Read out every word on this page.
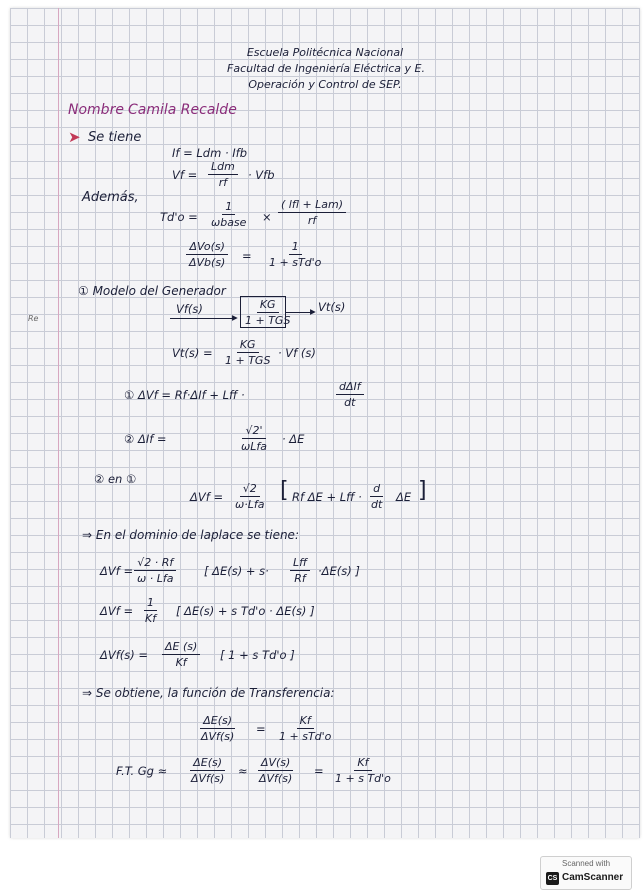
Re
Escuela Politécnica Nacional
Facultad de Ingeniería Eléctrica y E.
Operación y Control de SEP.
Nombre Camila Recalde
➤ Se tiene
If = Ldm · Ifb
Vf =
Ldm
rf
· Vfb
Además,
Td'o =
1
ωbase ×
( lfl + Lam)
rf
ΔVo(s)
ΔVb(s) =
1
1 + sTd'o
① Modelo del Generador
Vf(s)
▸
KG
1 + TGS
▸ Vt(s)
Vt(s) =
KG
1 + TGS
· Vf (s)
① ΔVf = Rf·ΔIf + Lff ·
dΔIf
dt
② ΔIf =
√2'
ωLfa
· ΔE
② en ①
ΔVf =
√2
ω·Lfa
[ Rf ΔE + Lff · $\frac{d}{dt}$ ΔE ]
⇒ En el dominio de laplace se tiene:
ΔVf =
√2 · Rf
ω · Lfa
[ ΔE(s) + s·
Lff
Rf
·ΔE(s) ]
$\Delta Vf = \frac{1}{Kf}$ [ ΔE(s) + s Td'o · ΔE(s) ]
$\Delta Vf(s) = \frac{\Delta E (s)}{Kf}$ [ 1 + s Td'o ]
⇒ Se obtiene, la función de Transferencia:
ΔE(s)
ΔVf(s)
=
Kf
1 + sTd'o
F.T. Gg ≈
ΔE(s)
ΔVf(s)
≈
ΔV(s)
ΔVf(s)
= $\frac{Kf}{\text{1 + s Td'o}}$
Scanned with
CS CamScanner
